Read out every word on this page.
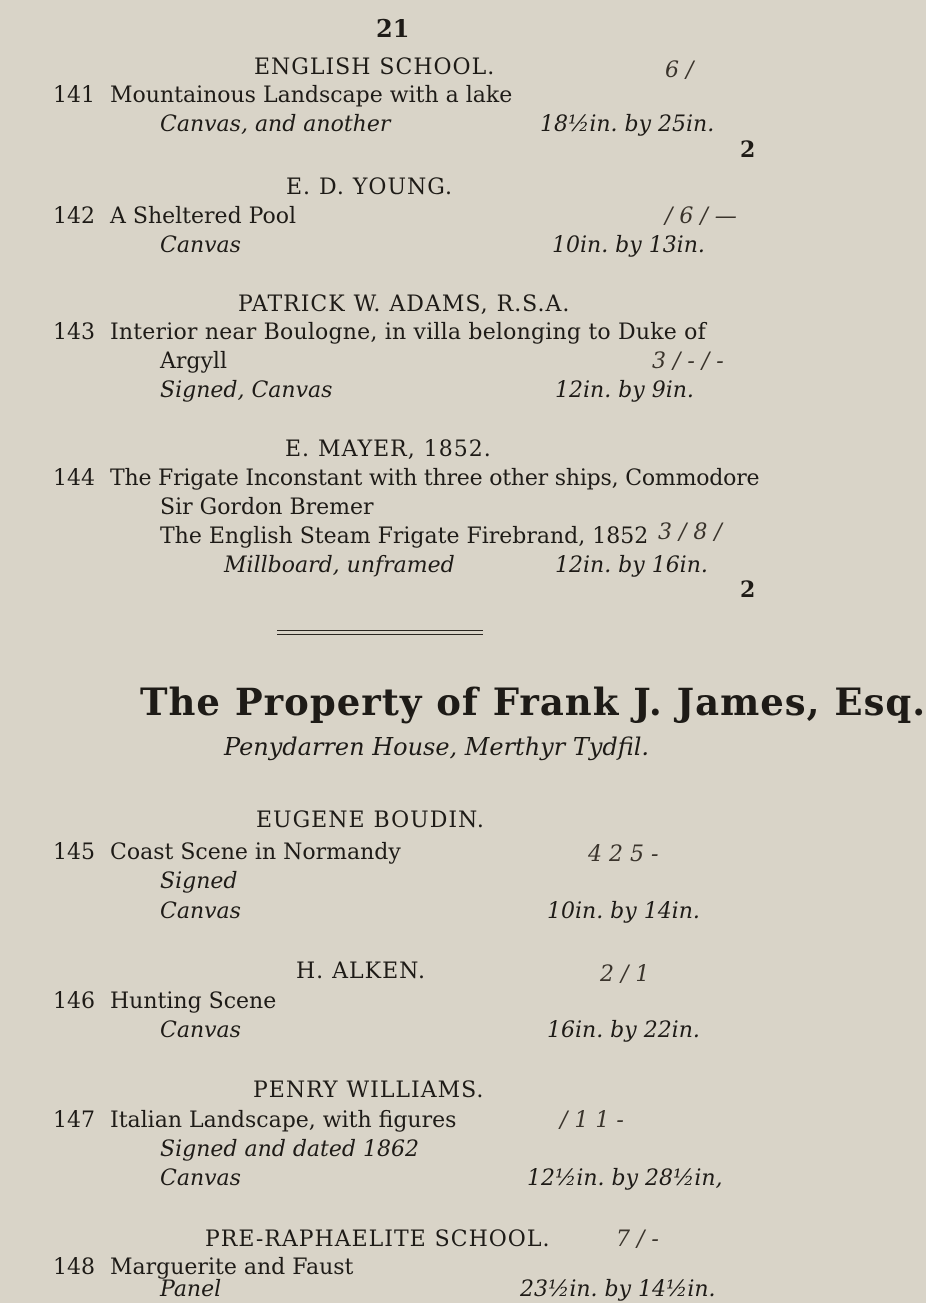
21
ENGLISH SCHOOL.	6 /
141 Mountainous Landscape with a lake
Canvas, and another	18½in. by 25in.
2
E. D. YOUNG.
142 A Sheltered Pool	/ 6 / —
Canvas	10in. by 13in.
PATRICK W. ADAMS, R.S.A.
143 Interior near Boulogne, in villa belonging to Duke of
Argyll	3 / - / -
Signed, Canvas	12in. by 9in.
E. MAYER, 1852.
144 The Frigate Inconstant with three other ships, Commodore
Sir Gordon Bremer
The English Steam Frigate Firebrand, 1852 3 / 8 /
Millboard, unframed	12in. by 16in.
2
The Property of Frank J. James, Esq.
Penydarren House, Merthyr Tydfil.
EUGENE BOUDIN.
145 Coast Scene in Normandy	4 2 5 -
Signed
Canvas	10in. by 14in.
H. ALKEN.	2 / 1
146 Hunting Scene
Canvas	16in. by 22in.
PENRY WILLIAMS.
147 Italian Landscape, with figures	/ 1 1 -
Signed and dated 1862
Canvas	12½in. by 28½in,
PRE-RAPHAELITE SCHOOL.	7 / -
148 Marguerite and Faust
Panel	23½in. by 14½in.
